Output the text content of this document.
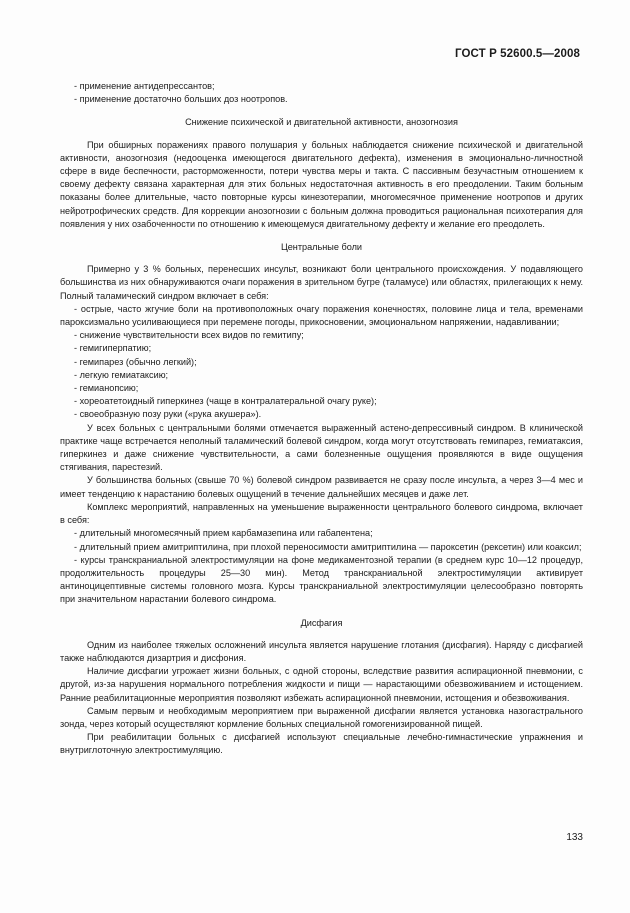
ГОСТ Р 52600.5—2008

- применение антидепрессантов;

- применение достаточно больших доз ноотропов.

Снижение психической и двигательной активности, анозогнозия

При обширных поражениях правого полушария у больных наблюдается снижение психической и двигательной активности, анозогнозия (недооценка имеющегося двигательного дефекта), изменения в эмоционально-личностной сфере в виде беспечности, расторможенности, потери чувства меры и такта. С пассивным безучастным отношением к своему дефекту связана характерная для этих больных недостаточная активность в его преодолении. Таким больным показаны более длительные, часто повторные курсы кинезотерапии, многомесячное применение ноотропов и других нейротрофических средств. Для коррекции анозогнозии с больным должна проводиться рациональная психотерапия для появления у них озабоченности по отношению к имеющемуся двигательному дефекту и желание его преодолеть.

Центральные боли

Примерно у 3 % больных, перенесших инсульт, возникают боли центрального происхождения. У подавляющего большинства из них обнаруживаются очаги поражения в зрительном бугре (таламусе) или областях, прилегающих к нему. Полный таламический синдром включает в себя:

- острые, часто жгучие боли на противоположных очагу поражения конечностях, половине лица и тела, временами пароксизмально усиливающиеся при перемене погоды, прикосновении, эмоциональном напряжении, надавливании;

- снижение чувствительности всех видов по гемитипу;

- гемигиперпатию;

- гемипарез (обычно легкий);

- легкую гемиатаксию;

- гемианопсию;

- хореоатетоидный гиперкинез (чаще в контралатеральной очагу руке);

- своеобразную позу руки («рука акушера»).

У всех больных с центральными болями отмечается выраженный астено-депрессивный синдром. В клинической практике чаще встречается неполный таламический болевой синдром, когда могут отсутствовать гемипарез, гемиатаксия, гиперкинез и даже снижение чувствительности, а сами болезненные ощущения проявляются в виде ощущения стягивания, парестезий.

У большинства больных (свыше 70 %) болевой синдром развивается не сразу после инсульта, а через 3—4 мес и имеет тенденцию к нарастанию болевых ощущений в течение дальнейших месяцев и даже лет.

Комплекс мероприятий, направленных на уменьшение выраженности центрального болевого синдрома, включает в себя:

- длительный многомесячный прием карбамазепина или габапентена;

- длительный прием амитриптилина, при плохой переносимости амитриптилина — пароксетин (рексетин) или коаксил;

- курсы транскраниальной электростимуляции на фоне медикаментозной терапии (в среднем курс 10—12 процедур, продолжительность процедуры 25—30 мин). Метод транскраниальной электростимуляции активирует антиноцицептивные системы головного мозга. Курсы транскраниальной электростимуляции целесообразно повторять при значительном нарастании болевого синдрома.

Дисфагия

Одним из наиболее тяжелых осложнений инсульта является нарушение глотания (дисфагия). Наряду с дисфагией также наблюдаются дизартрия и дисфония.

Наличие дисфагии угрожает жизни больных, с одной стороны, вследствие развития аспирационной пневмонии, с другой, из-за нарушения нормального потребления жидкости и пищи — нарастающими обезвоживанием и истощением. Ранние реабилитационные мероприятия позволяют избежать аспирационной пневмонии, истощения и обезвоживания.

Самым первым и необходимым мероприятием при выраженной дисфагии является установка назогастрального зонда, через который осуществляют кормление больных специальной гомогенизированной пищей.

При реабилитации больных с дисфагией используют специальные лечебно-гимнастические упражнения и внутриглоточную электростимуляцию.

133
